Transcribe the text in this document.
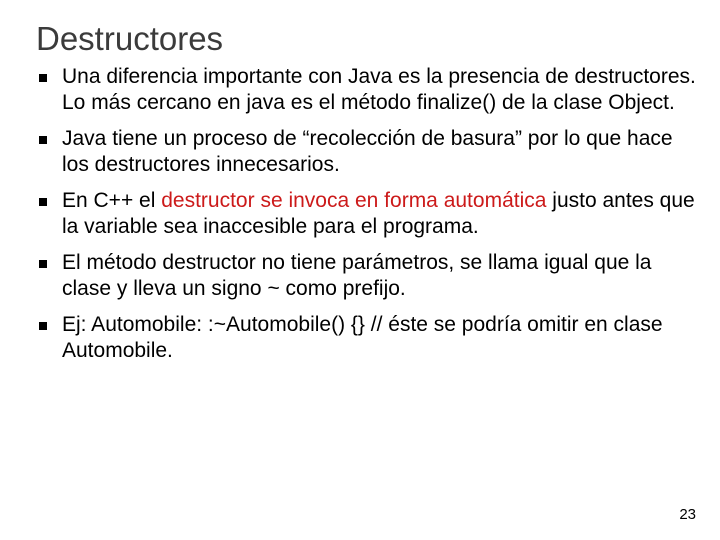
Destructores
Una diferencia importante con Java es la presencia de destructores. Lo más cercano en java es el método finalize() de la clase Object.
Java tiene un proceso de “recolección de basura” por lo que hace los destructores innecesarios.
En C++ el destructor se invoca en forma automática justo antes que la variable sea inaccesible para el programa.
El método destructor no tiene parámetros, se llama igual que la clase y lleva un signo ~ como prefijo.
Ej: Automobile: :~Automobile() {} // éste se podría omitir en clase Automobile.
23
